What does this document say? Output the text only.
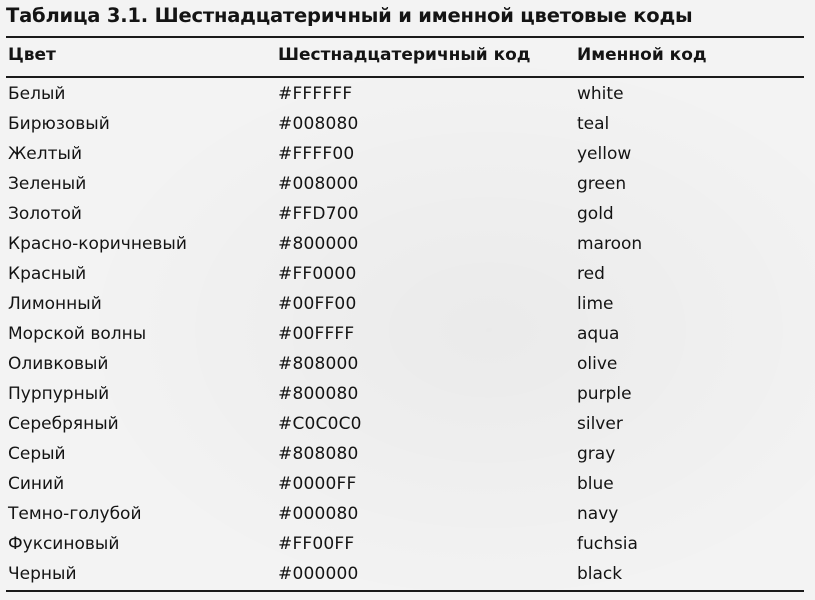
Таблица 3.1. Шестнадцатеричный и именной цветовые коды
Цвет	Шестнадцатеричный код	Именной код
Белый	#FFFFFF	white
Бирюзовый	#008080	teal
Желтый	#FFFF00	yellow
Зеленый	#008000	green
Золотой	#FFD700	gold
Красно-коричневый	#800000	maroon
Красный	#FF0000	red
Лимонный	#00FF00	lime
Морской волны	#00FFFF	aqua
Оливковый	#808000	olive
Пурпурный	#800080	purple
Серебряный	#C0C0C0	silver
Серый	#808080	gray
Синий	#0000FF	blue
Темно-голубой	#000080	navy
Фуксиновый	#FF00FF	fuchsia
Черный	#000000	black
